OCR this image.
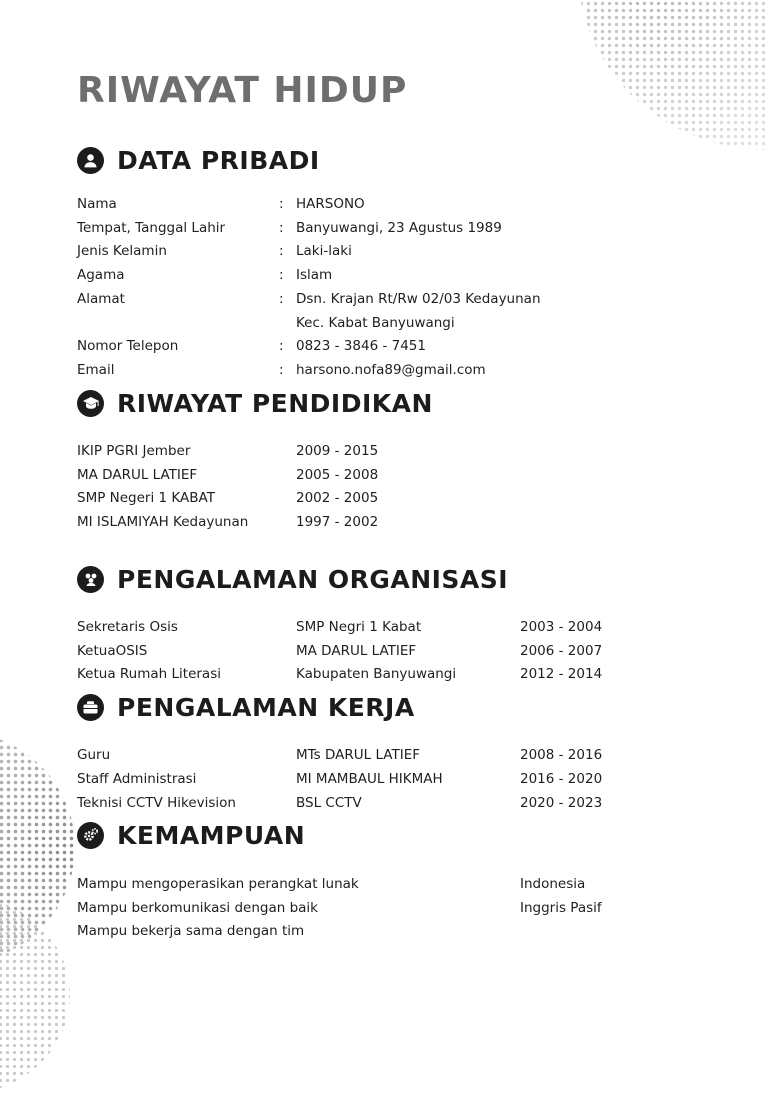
RIWAYAT HIDUP
DATA PRIBADI
Nama	: HARSONO
Tempat, Tanggal Lahir	: Banyuwangi, 23 Agustus 1989
Jenis Kelamin	: Laki-laki
Agama	: Islam
Alamat	: Dsn. Krajan Rt/Rw 02/03 Kedayunan
Kec. Kabat Banyuwangi
Nomor Telepon	: 0823 - 3846 - 7451
Email	: harsono.nofa89@gmail.com
RIWAYAT PENDIDIKAN
IKIP PGRI Jember	2009 - 2015
MA DARUL LATIEF	2005 - 2008
SMP Negeri 1 KABAT	2002 - 2005
MI ISLAMIYAH Kedayunan	1997 - 2002
PENGALAMAN ORGANISASI
Sekretaris Osis	SMP Negri 1 Kabat	2003 - 2004
KetuaOSIS	MA DARUL LATIEF	2006 - 2007
Ketua Rumah Literasi	Kabupaten Banyuwangi	2012 - 2014
PENGALAMAN KERJA
Guru	MTs DARUL LATIEF	2008 - 2016
Staff Administrasi	MI MAMBAUL HIKMAH	2016 - 2020
Teknisi CCTV Hikevision	BSL CCTV	2020 - 2023
KEMAMPUAN
Mampu mengoperasikan perangkat lunak	Indonesia
Mampu berkomunikasi dengan baik	Inggris Pasif
Mampu bekerja sama dengan tim
